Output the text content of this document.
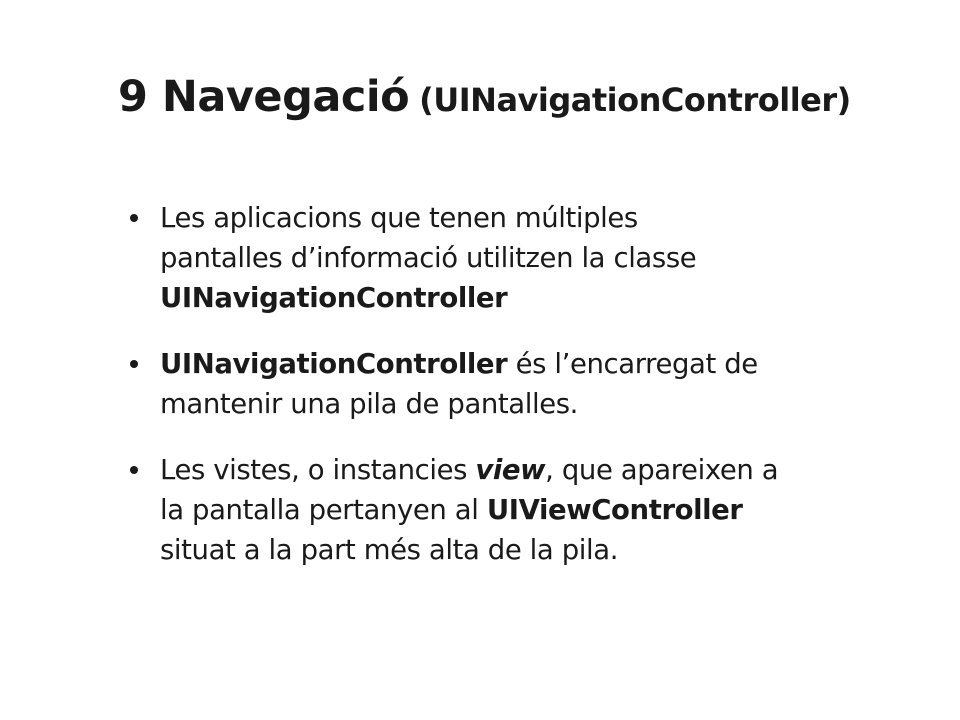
9 Navegació (UINavigationController)
Les aplicacions que tenen múltiples
pantalles d’informació utilitzen la classe
UINavigationController
UINavigationController és l’encarregat de
mantenir una pila de pantalles.
Les vistes, o instancies view, que apareixen a
la pantalla pertanyen al UIViewController
situat a la part més alta de la pila.
